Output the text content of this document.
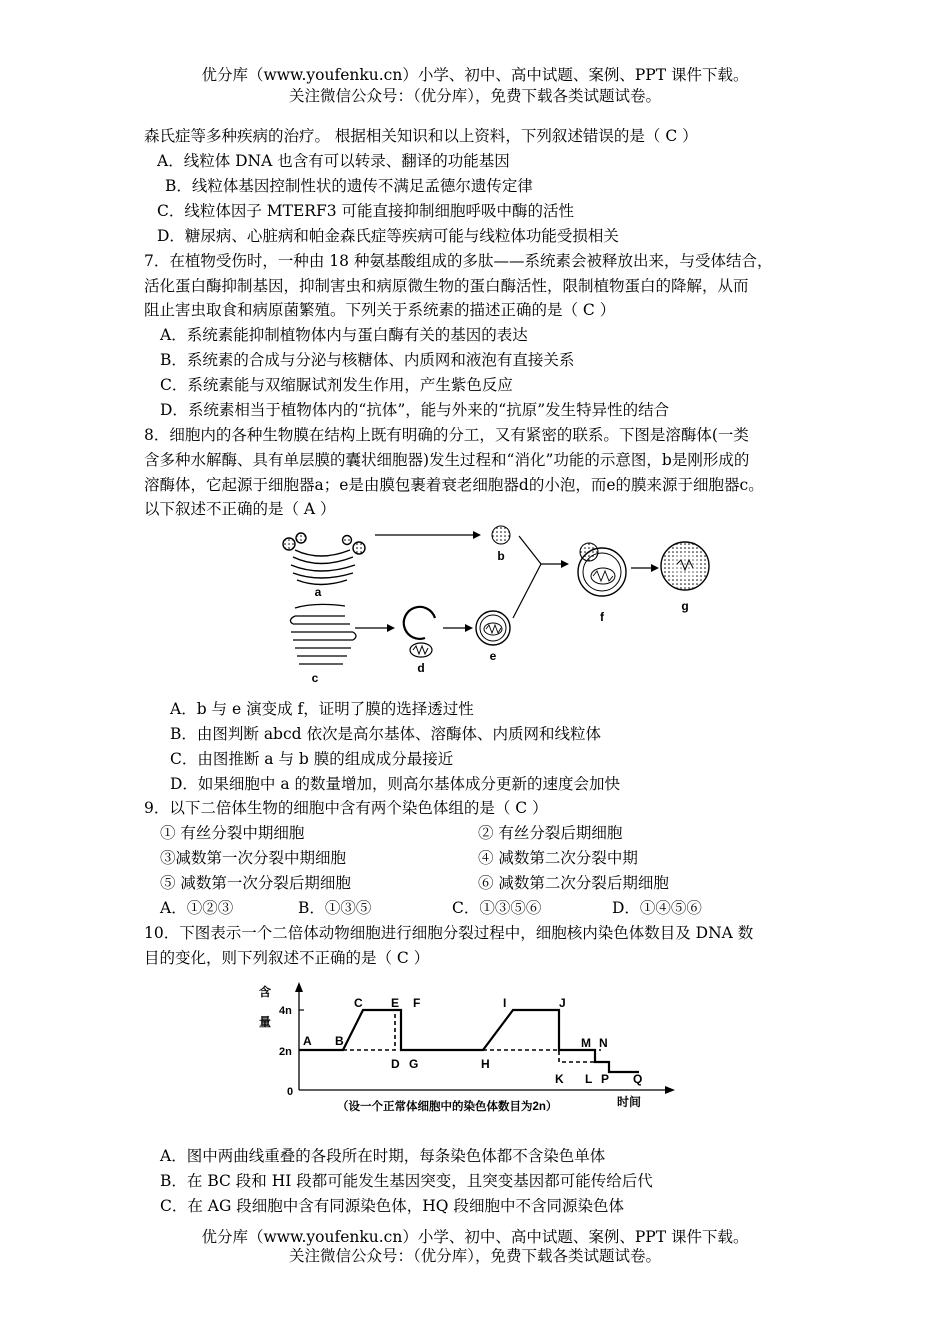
优分库（www.youfenku.cn）小学、初中、高中试题、案例、PPT 课件下载。
关注微信公众号：（优分库），免费下载各类试题试卷。
森氏症等多种疾病的治疗。 根据相关知识和以上资料，下列叙述错误的是（ C ）
A．线粒体 DNA 也含有可以转录、翻译的功能基因
B．线粒体基因控制性状的遗传不满足孟德尔遗传定律
C．线粒体因子 MTERF3 可能直接抑制细胞呼吸中酶的活性
D．糖尿病、心脏病和帕金森氏症等疾病可能与线粒体功能受损相关
7．在植物受伤时，一种由 18 种氨基酸组成的多肽——系统素会被释放出来，与受体结合，
活化蛋白酶抑制基因，抑制害虫和病原微生物的蛋白酶活性，限制植物蛋白的降解，从而
阻止害虫取食和病原菌繁殖。下列关于系统素的描述正确的是（ C ）
A．系统素能抑制植物体内与蛋白酶有关的基因的表达
B．系统素的合成与分泌与核糖体、内质网和液泡有直接关系
C．系统素能与双缩脲试剂发生作用，产生紫色反应
D．系统素相当于植物体内的“抗体”，能与外来的“抗原”发生特异性的结合
8．细胞内的各种生物膜在结构上既有明确的分工，又有紧密的联系。下图是溶酶体(一类
含多种水解酶、具有单层膜的囊状细胞器)发生过程和“消化”功能的示意图，b是刚形成的
溶酶体，它起源于细胞器a；e是由膜包裹着衰老细胞器d的小泡，而e的膜来源于细胞器c。
以下叙述不正确的是（ A ）
a
b
c
d
e
f
g
A．b 与 e 演变成 f，证明了膜的选择透过性
B．由图判断 abcd 依次是高尔基体、溶酶体、内质网和线粒体
C．由图推断 a 与 b 膜的组成成分最接近
D．如果细胞中 a 的数量增加，则高尔基体成分更新的速度会加快
9．以下二倍体生物的细胞中含有两个染色体组的是（ C ）
① 有丝分裂中期细胞	② 有丝分裂后期细胞
③减数第一次分裂中期细胞	④ 减数第二次分裂中期
⑤ 减数第一次分裂后期细胞	⑥ 减数第二次分裂后期细胞
A．①②③	B．①③⑤	C．①③⑤⑥	D．①④⑤⑥
10．下图表示一个二倍体动物细胞进行细胞分裂过程中，细胞核内染色体数目及 DNA 数
目的变化，则下列叙述不正确的是（ C ）
含
量
4n
2n
0
A B
C
D
E F
G	H
I	J
K L
M N
P Q
（设一个正常体细胞中的染色体数目为2n）	时间
A．图中两曲线重叠的各段所在时期，每条染色体都不含染色单体
B．在 BC 段和 HI 段都可能发生基因突变，且突变基因都可能传给后代
C．在 AG 段细胞中含有同源染色体，HQ 段细胞中不含同源染色体
优分库（www.youfenku.cn）小学、初中、高中试题、案例、PPT 课件下载。
关注微信公众号：（优分库），免费下载各类试题试卷。
